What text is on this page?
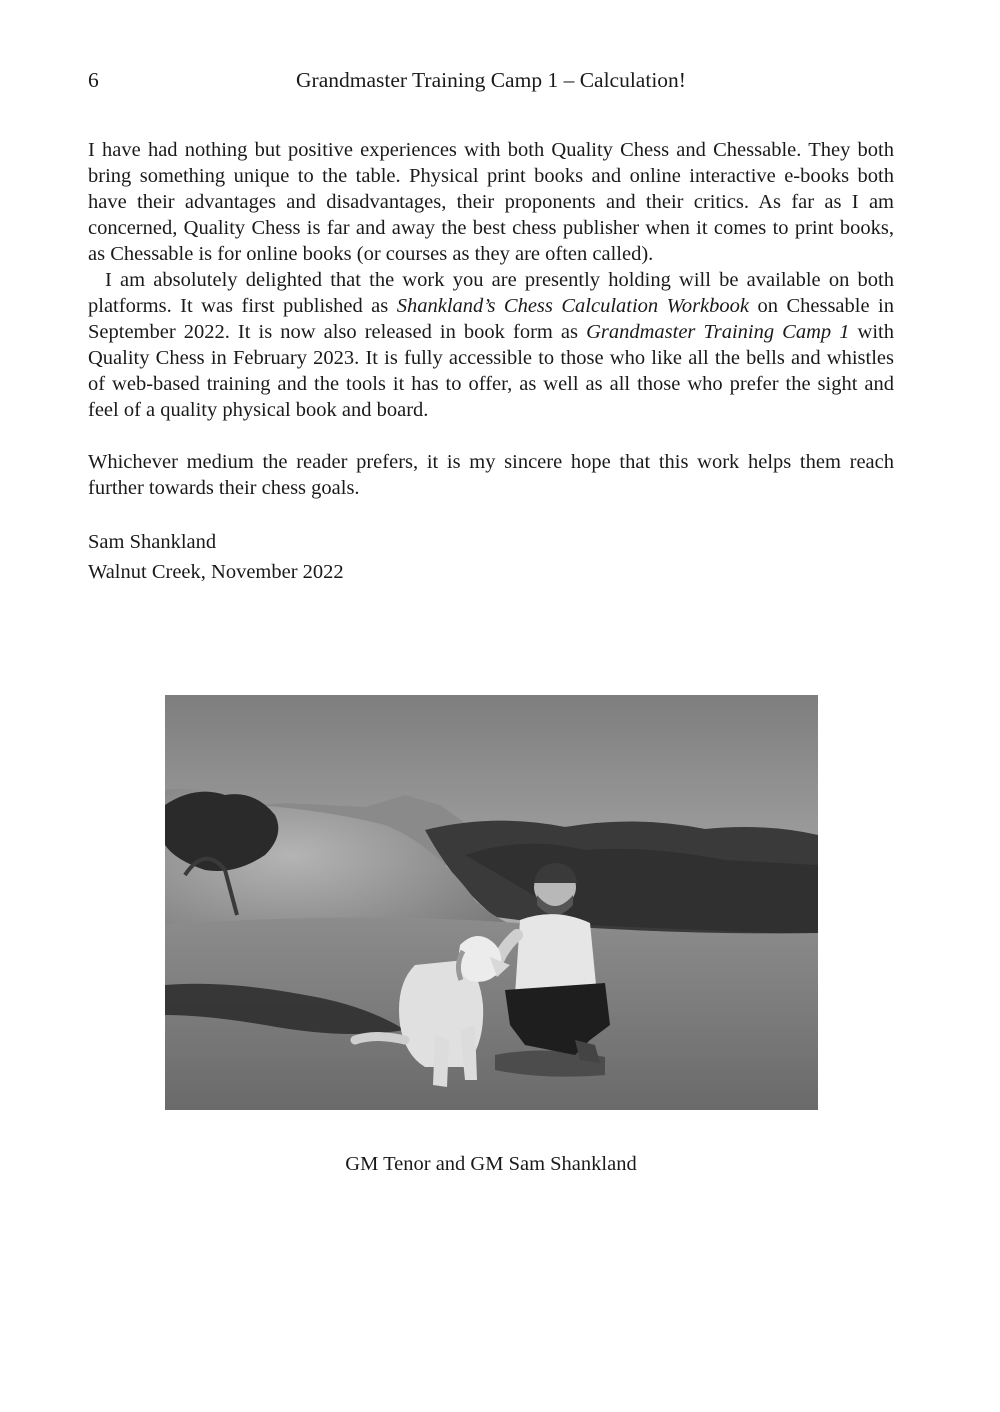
6	Grandmaster Training Camp 1 – Calculation!

I have had nothing but positive experiences with both Quality Chess and Chessable. They both bring something unique to the table. Physical print books and online interactive e-books both have their advantages and disadvantages, their proponents and their critics. As far as I am concerned, Quality Chess is far and away the best chess publisher when it comes to print books, as Chessable is for online books (or courses as they are often called).

I am absolutely delighted that the work you are presently holding will be available on both platforms. It was first published as Shankland’s Chess Calculation Workbook on Chessable in September 2022. It is now also released in book form as Grandmaster Training Camp 1 with Quality Chess in February 2023. It is fully accessible to those who like all the bells and whistles of web-based training and the tools it has to offer, as well as all those who prefer the sight and feel of a quality physical book and board.

Whichever medium the reader prefers, it is my sincere hope that this work helps them reach further towards their chess goals.

Sam Shankland

Walnut Creek, November 2022

GM Tenor and GM Sam Shankland
